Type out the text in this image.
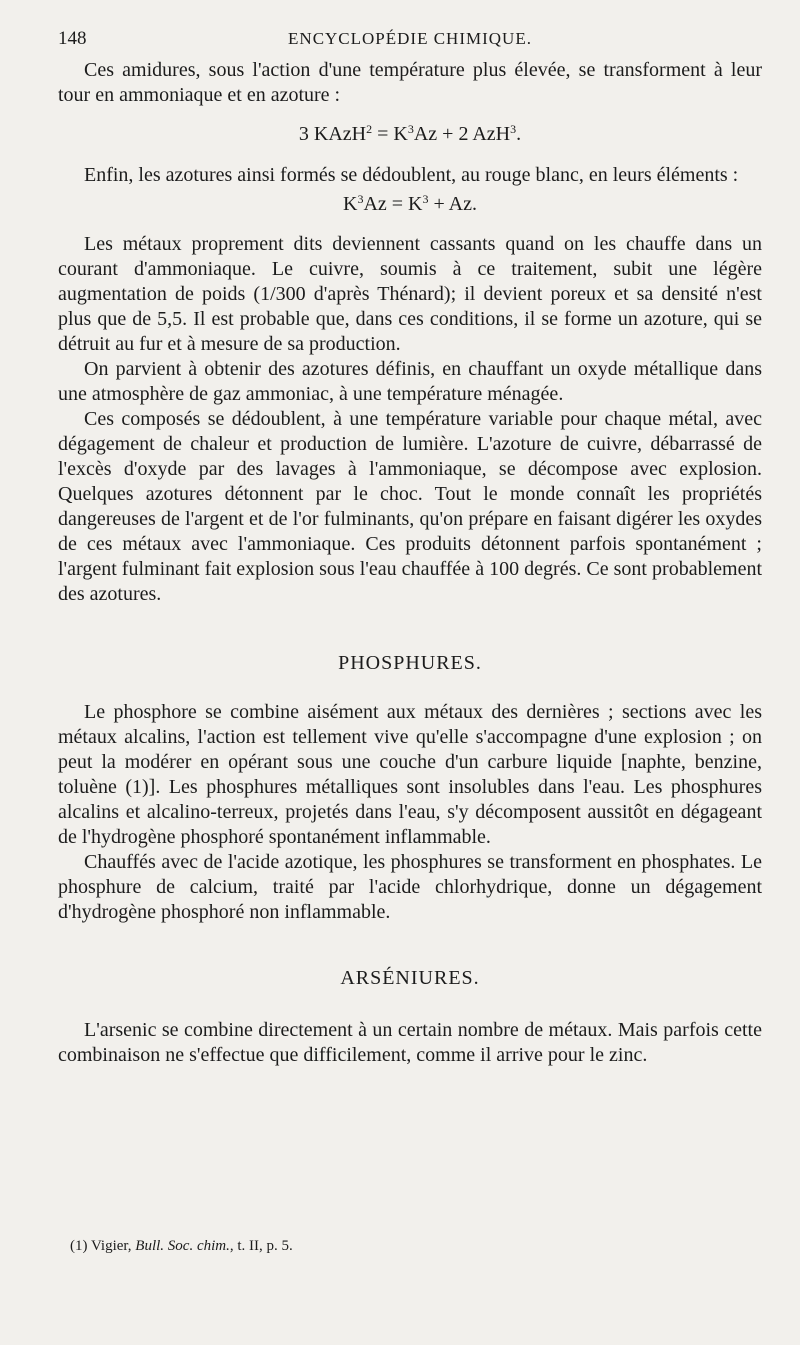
148	ENCYCLOPÉDIE CHIMIQUE.

Ces amidures, sous l'action d'une température plus élevée, se transforment à leur tour en ammoniaque et en azoture :

3 KAzH$^2$ = $K^3Az + 2$ AzH$^3$.

Enfin, les azotures ainsi formés se dédoublent, au rouge blanc, en leurs éléments :

$K^3Az = K^3 + Az$.

Les métaux proprement dits deviennent cassants quand on les chauffe dans un courant d'ammoniaque. Le cuivre, soumis à ce traitement, subit une légère augmentation de poids (1/300 d'après Thénard); il devient poreux et sa densité n'est plus que de 5,5. Il est probable que, dans ces conditions, il se forme un azoture, qui se détruit au fur et à mesure de sa production.

On parvient à obtenir des azotures définis, en chauffant un oxyde métallique dans une atmosphère de gaz ammoniac, à une température ménagée.

Ces composés se dédoublent, à une température variable pour chaque métal, avec dégagement de chaleur et production de lumière. L'azoture de cuivre, débarrassé de l'excès d'oxyde par des lavages à l'ammoniaque, se décompose avec explosion. Quelques azotures détonnent par le choc. Tout le monde connaît les propriétés dangereuses de l'argent et de l'or fulminants, qu'on prépare en faisant digérer les oxydes de ces métaux avec l'ammoniaque. Ces produits détonnent parfois spontanément ; l'argent fulminant fait explosion sous l'eau chauffée à 100 degrés. Ce sont probablement des azotures.

PHOSPHURES.

Le phosphore se combine aisément aux métaux des dernières ; sections avec les métaux alcalins, l'action est tellement vive qu'elle s'accompagne d'une explosion ; on peut la modérer en opérant sous une couche d'un carbure liquide [naphte, benzine, toluène (1)]. Les phosphures métalliques sont insolubles dans l'eau. Les phosphures alcalins et alcalino-terreux, projetés dans l'eau, s'y décomposent aussitôt en dégageant de l'hydrogène phosphoré spontanément inflammable.

Chauffés avec de l'acide azotique, les phosphures se transforment en phosphates. Le phosphure de calcium, traité par l'acide chlorhydrique, donne un dégagement d'hydrogène phosphoré non inflammable.

ARSÉNIURES.

L'arsenic se combine directement à un certain nombre de métaux. Mais parfois cette combinaison ne s'effectue que difficilement, comme il arrive pour le zinc.

(1) Vigier, Bull. Soc. chim., t. II, p. 5.
